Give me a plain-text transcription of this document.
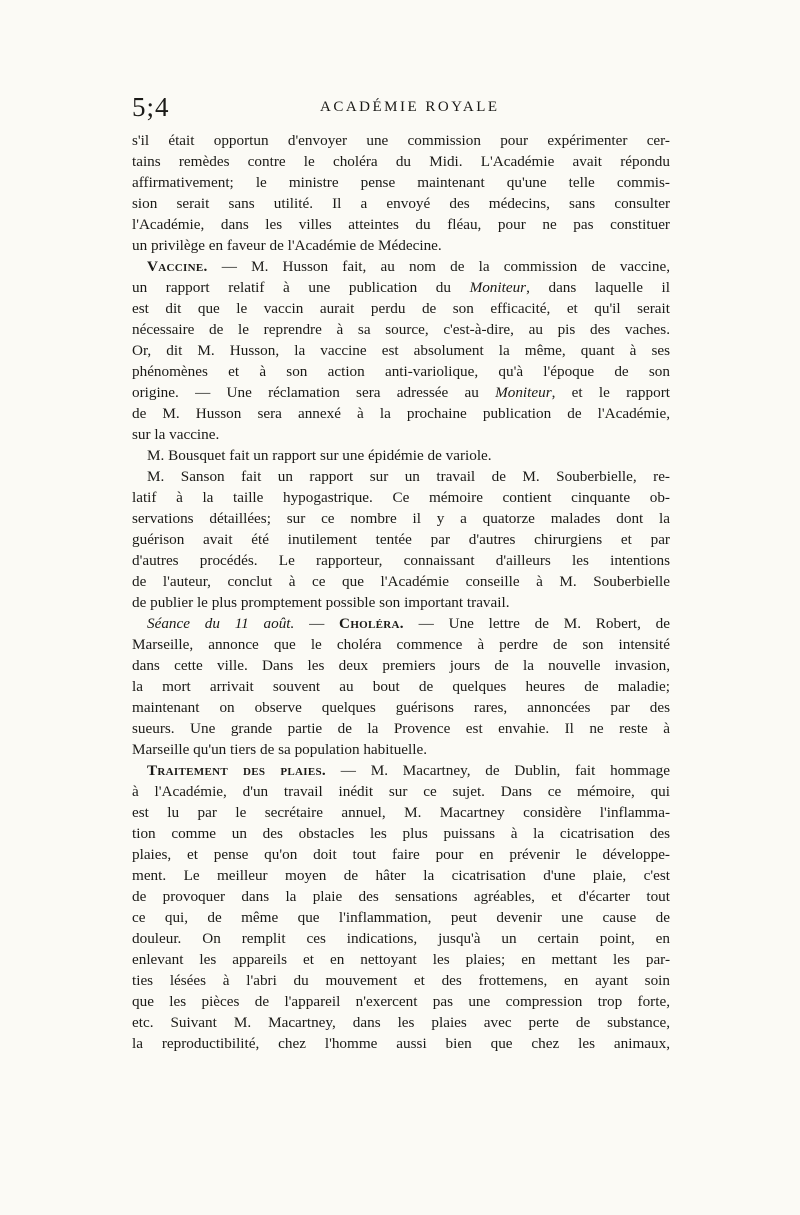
5;4	ACADÉMIE ROYALE
s'il était opportun d'envoyer une commission pour expérimenter cer-
tains remèdes contre le choléra du Midi. L'Académie avait répondu
affirmativement; le ministre pense maintenant qu'une telle commis-
sion serait sans utilité. Il a envoyé des médecins, sans consulter
l'Académie, dans les villes atteintes du fléau, pour ne pas constituer
un privilège en faveur de l'Académie de Médecine.
Vaccine. — M. Husson fait, au nom de la commission de vaccine,
un rapport relatif à une publication du Moniteur, dans laquelle il
est dit que le vaccin aurait perdu de son efficacité, et qu'il serait
nécessaire de le reprendre à sa source, c'est-à-dire, au pis des vaches.
Or, dit M. Husson, la vaccine est absolument la même, quant à ses
phénomènes et à son action anti-variolique, qu'à l'époque de son
origine. — Une réclamation sera adressée au Moniteur, et le rapport
de M. Husson sera annexé à la prochaine publication de l'Académie,
sur la vaccine.
M. Bousquet fait un rapport sur une épidémie de variole.
M. Sanson fait un rapport sur un travail de M. Souberbielle, re-
latif à la taille hypogastrique. Ce mémoire contient cinquante ob-
servations détaillées; sur ce nombre il y a quatorze malades dont la
guérison avait été inutilement tentée par d'autres chirurgiens et par
d'autres procédés. Le rapporteur, connaissant d'ailleurs les intentions
de l'auteur, conclut à ce que l'Académie conseille à M. Souberbielle
de publier le plus promptement possible son important travail.
Séance du 11 août. — Choléra. — Une lettre de M. Robert, de
Marseille, annonce que le choléra commence à perdre de son intensité
dans cette ville. Dans les deux premiers jours de la nouvelle invasion,
la mort arrivait souvent au bout de quelques heures de maladie;
maintenant on observe quelques guérisons rares, annoncées par des
sueurs. Une grande partie de la Provence est envahie. Il ne reste à
Marseille qu'un tiers de sa population habituelle.
Traitement des plaies. — M. Macartney, de Dublin, fait hommage
à l'Académie, d'un travail inédit sur ce sujet. Dans ce mémoire, qui
est lu par le secrétaire annuel, M. Macartney considère l'inflamma-
tion comme un des obstacles les plus puissans à la cicatrisation des
plaies, et pense qu'on doit tout faire pour en prévenir le développe-
ment. Le meilleur moyen de hâter la cicatrisation d'une plaie, c'est
de provoquer dans la plaie des sensations agréables, et d'écarter tout
ce qui, de même que l'inflammation, peut devenir une cause de
douleur. On remplit ces indications, jusqu'à un certain point, en
enlevant les appareils et en nettoyant les plaies; en mettant les par-
ties lésées à l'abri du mouvement et des frottemens, en ayant soin
que les pièces de l'appareil n'exercent pas une compression trop forte,
etc. Suivant M. Macartney, dans les plaies avec perte de substance,
la reproductibilité, chez l'homme aussi bien que chez les animaux,
